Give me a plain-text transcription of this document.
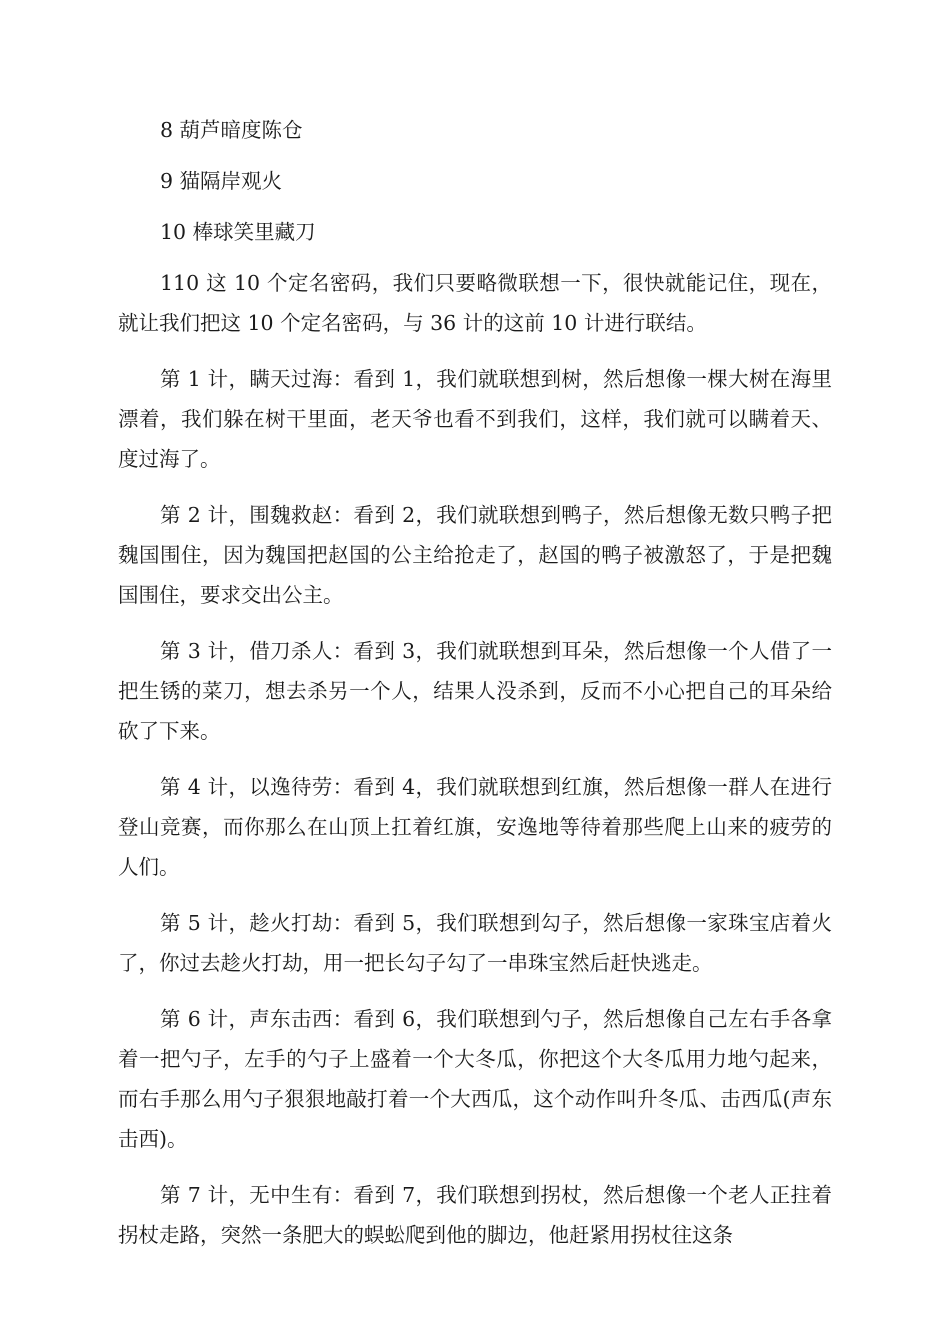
8 葫芦暗度陈仓

9 猫隔岸观火

10 棒球笑里藏刀

110 这 10 个定名密码，我们只要略微联想一下，很快就能记住，现在，就让我们把这 10 个定名密码，与 36 计的这前 10 计进行联结。

第 1 计，瞒天过海：看到 1，我们就联想到树，然后想像一棵大树在海里漂着，我们躲在树干里面，老天爷也看不到我们，这样，我们就可以瞒着天、度过海了。

第 2 计，围魏救赵：看到 2，我们就联想到鸭子，然后想像无数只鸭子把魏国围住，因为魏国把赵国的公主给抢走了，赵国的鸭子被激怒了，于是把魏国围住，要求交出公主。

第 3 计，借刀杀人：看到 3，我们就联想到耳朵，然后想像一个人借了一把生锈的菜刀，想去杀另一个人，结果人没杀到，反而不小心把自己的耳朵给砍了下来。

第 4 计，以逸待劳：看到 4，我们就联想到红旗，然后想像一群人在进行登山竞赛，而你那么在山顶上扛着红旗，安逸地等待着那些爬上山来的疲劳的人们。

第 5 计，趁火打劫：看到 5，我们联想到勾子，然后想像一家珠宝店着火了，你过去趁火打劫，用一把长勾子勾了一串珠宝然后赶快逃走。

第 6 计，声东击西：看到 6，我们联想到勺子，然后想像自己左右手各拿着一把勺子，左手的勺子上盛着一个大冬瓜，你把这个大冬瓜用力地勺起来，而右手那么用勺子狠狠地敲打着一个大西瓜，这个动作叫升冬瓜、击西瓜(声东击西)。

第 7 计，无中生有：看到 7，我们联想到拐杖，然后想像一个老人正拄着拐杖走路，突然一条肥大的蜈蚣爬到他的脚边，他赶紧用拐杖往这条
